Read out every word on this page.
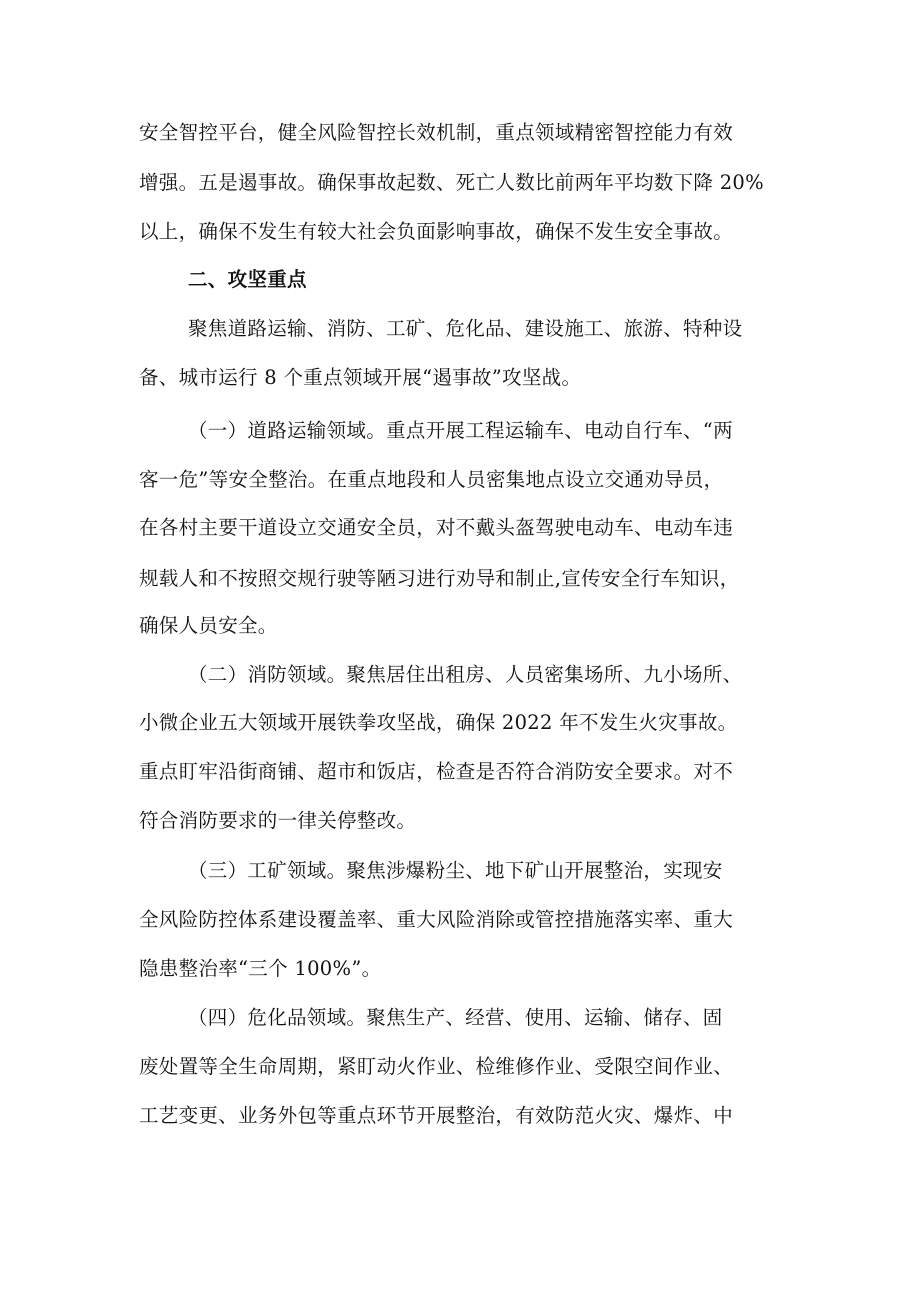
安全智控平台，健全风险智控长效机制，重点领域精密智控能力有效
增强。五是遏事故。确保事故起数、死亡人数比前两年平均数下降 20%
以上，确保不发生有较大社会负面影响事故，确保不发生安全事故。
二、攻坚重点
聚焦道路运输、消防、工矿、危化品、建设施工、旅游、特种设
备、城市运行 8 个重点领域开展“遏事故”攻坚战。
（一）道路运输领域。重点开展工程运输车、电动自行车、“两
客一危”等安全整治。在重点地段和人员密集地点设立交通劝导员，
在各村主要干道设立交通安全员，对不戴头盔驾驶电动车、电动车违
规载人和不按照交规行驶等陋习进行劝导和制止,宣传安全行车知识，
确保人员安全。
（二）消防领域。聚焦居住出租房、人员密集场所、九小场所、
小微企业五大领域开展铁拳攻坚战，确保 2022 年不发生火灾事故。
重点盯牢沿街商铺、超市和饭店，检查是否符合消防安全要求。对不
符合消防要求的一律关停整改。
（三）工矿领域。聚焦涉爆粉尘、地下矿山开展整治，实现安
全风险防控体系建设覆盖率、重大风险消除或管控措施落实率、重大
隐患整治率“三个 100%”。
（四）危化品领域。聚焦生产、经营、使用、运输、储存、固
废处置等全生命周期，紧盯动火作业、检维修作业、受限空间作业、
工艺变更、业务外包等重点环节开展整治，有效防范火灾、爆炸、中
